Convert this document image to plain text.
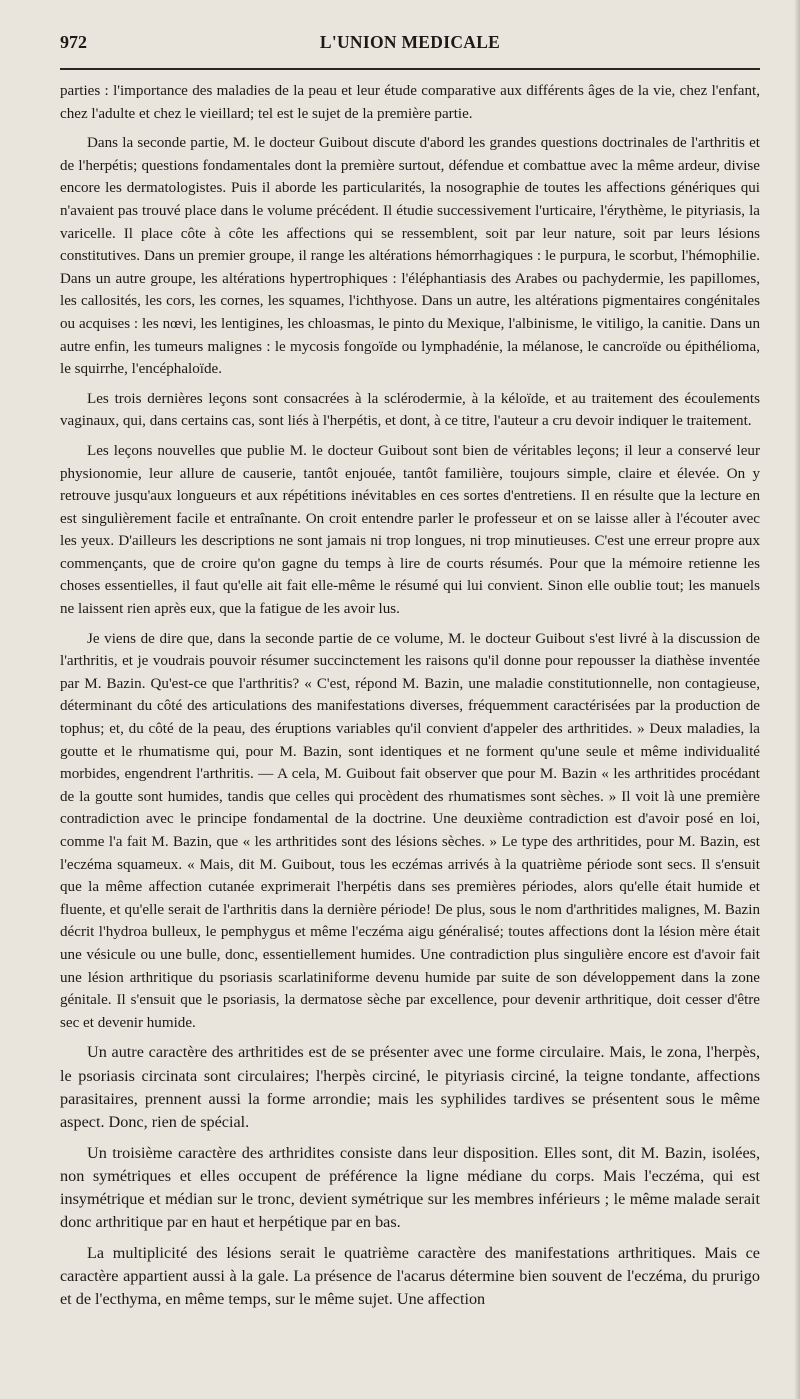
972	L'UNION MEDICALE

parties : l'importance des maladies de la peau et leur étude comparative aux différents âges de la vie, chez l'enfant, chez l'adulte et chez le vieillard; tel est le sujet de la première partie.

Dans la seconde partie, M. le docteur Guibout discute d'abord les grandes questions doctrinales de l'arthritis et de l'herpétis; questions fondamentales dont la première surtout, défendue et combattue avec la même ardeur, divise encore les dermatologistes. Puis il aborde les particularités, la nosographie de toutes les affections génériques qui n'avaient pas trouvé place dans le volume précédent. Il étudie successivement l'urticaire, l'érythème, le pityriasis, la varicelle. Il place côte à côte les affections qui se ressemblent, soit par leur nature, soit par leurs lésions constitutives. Dans un premier groupe, il range les altérations hémorrhagiques : le purpura, le scorbut, l'hémophilie. Dans un autre groupe, les altérations hypertrophiques : l'éléphantiasis des Arabes ou pachydermie, les papillomes, les callosités, les cors, les cornes, les squames, l'ichthyose. Dans un autre, les altérations pigmentaires congénitales ou acquises : les nœvi, les lentigines, les chloasmas, le pinto du Mexique, l'albinisme, le vitiligo, la canitie. Dans un autre enfin, les tumeurs malignes : le mycosis fongoïde ou lymphadénie, la mélanose, le cancroïde ou épithélioma, le squirrhe, l'encéphaloïde.

Les trois dernières leçons sont consacrées à la sclérodermie, à la kéloïde, et au traitement des écoulements vaginaux, qui, dans certains cas, sont liés à l'herpétis, et dont, à ce titre, l'auteur a cru devoir indiquer le traitement.

Les leçons nouvelles que publie M. le docteur Guibout sont bien de véritables leçons; il leur a conservé leur physionomie, leur allure de causerie, tantôt enjouée, tantôt familière, toujours simple, claire et élevée. On y retrouve jusqu'aux longueurs et aux répétitions inévitables en ces sortes d'entretiens. Il en résulte que la lecture en est singulièrement facile et entraînante. On croit entendre parler le professeur et on se laisse aller à l'écouter avec les yeux. D'ailleurs les descriptions ne sont jamais ni trop longues, ni trop minutieuses. C'est une erreur propre aux commençants, que de croire qu'on gagne du temps à lire de courts résumés. Pour que la mémoire retienne les choses essentielles, il faut qu'elle ait fait elle-même le résumé qui lui convient. Sinon elle oublie tout; les manuels ne laissent rien après eux, que la fatigue de les avoir lus.

Je viens de dire que, dans la seconde partie de ce volume, M. le docteur Guibout s'est livré à la discussion de l'arthritis, et je voudrais pouvoir résumer succinctement les raisons qu'il donne pour repousser la diathèse inventée par M. Bazin. Qu'est-ce que l'arthritis? « C'est, répond M. Bazin, une maladie constitutionnelle, non contagieuse, déterminant du côté des articulations des manifestations diverses, fréquemment caractérisées par la production de tophus; et, du côté de la peau, des éruptions variables qu'il convient d'appeler des arthritides. » Deux maladies, la goutte et le rhumatisme qui, pour M. Bazin, sont identiques et ne forment qu'une seule et même individualité morbides, engendrent l'arthritis. — A cela, M. Guibout fait observer que pour M. Bazin « les arthritides procédant de la goutte sont humides, tandis que celles qui procèdent des rhumatismes sont sèches. » Il voit là une première contradiction avec le principe fondamental de la doctrine. Une deuxième contradiction est d'avoir posé en loi, comme l'a fait M. Bazin, que « les arthritides sont des lésions sèches. » Le type des arthritides, pour M. Bazin, est l'eczéma squameux. « Mais, dit M. Guibout, tous les eczémas arrivés à la quatrième période sont secs. Il s'ensuit que la même affection cutanée exprimerait l'herpétis dans ses premières périodes, alors qu'elle était humide et fluente, et qu'elle serait de l'arthritis dans la dernière période! De plus, sous le nom d'arthritides malignes, M. Bazin décrit l'hydroa bulleux, le pemphygus et même l'eczéma aigu généralisé; toutes affections dont la lésion mère était une vésicule ou une bulle, donc, essentiellement humides. Une contradiction plus singulière encore est d'avoir fait une lésion arthritique du psoriasis scarlatiniforme devenu humide par suite de son développement dans la zone génitale. Il s'ensuit que le psoriasis, la dermatose sèche par excellence, pour devenir arthritique, doit cesser d'être sec et devenir humide.

Un autre caractère des arthritides est de se présenter avec une forme circulaire. Mais, le zona, l'herpès, le psoriasis circinata sont circulaires; l'herpès circiné, le pityriasis circiné, la teigne tondante, affections parasitaires, prennent aussi la forme arrondie; mais les syphilides tardives se présentent sous le même aspect. Donc, rien de spécial.

Un troisième caractère des arthridites consiste dans leur disposition. Elles sont, dit M. Bazin, isolées, non symétriques et elles occupent de préférence la ligne médiane du corps. Mais l'eczéma, qui est insymétrique et médian sur le tronc, devient symétrique sur les membres inférieurs ; le même malade serait donc arthritique par en haut et herpétique par en bas.

La multiplicité des lésions serait le quatrième caractère des manifestations arthritiques. Mais ce caractère appartient aussi à la gale. La présence de l'acarus détermine bien souvent de l'eczéma, du prurigo et de l'ecthyma, en même temps, sur le même sujet. Une affection
